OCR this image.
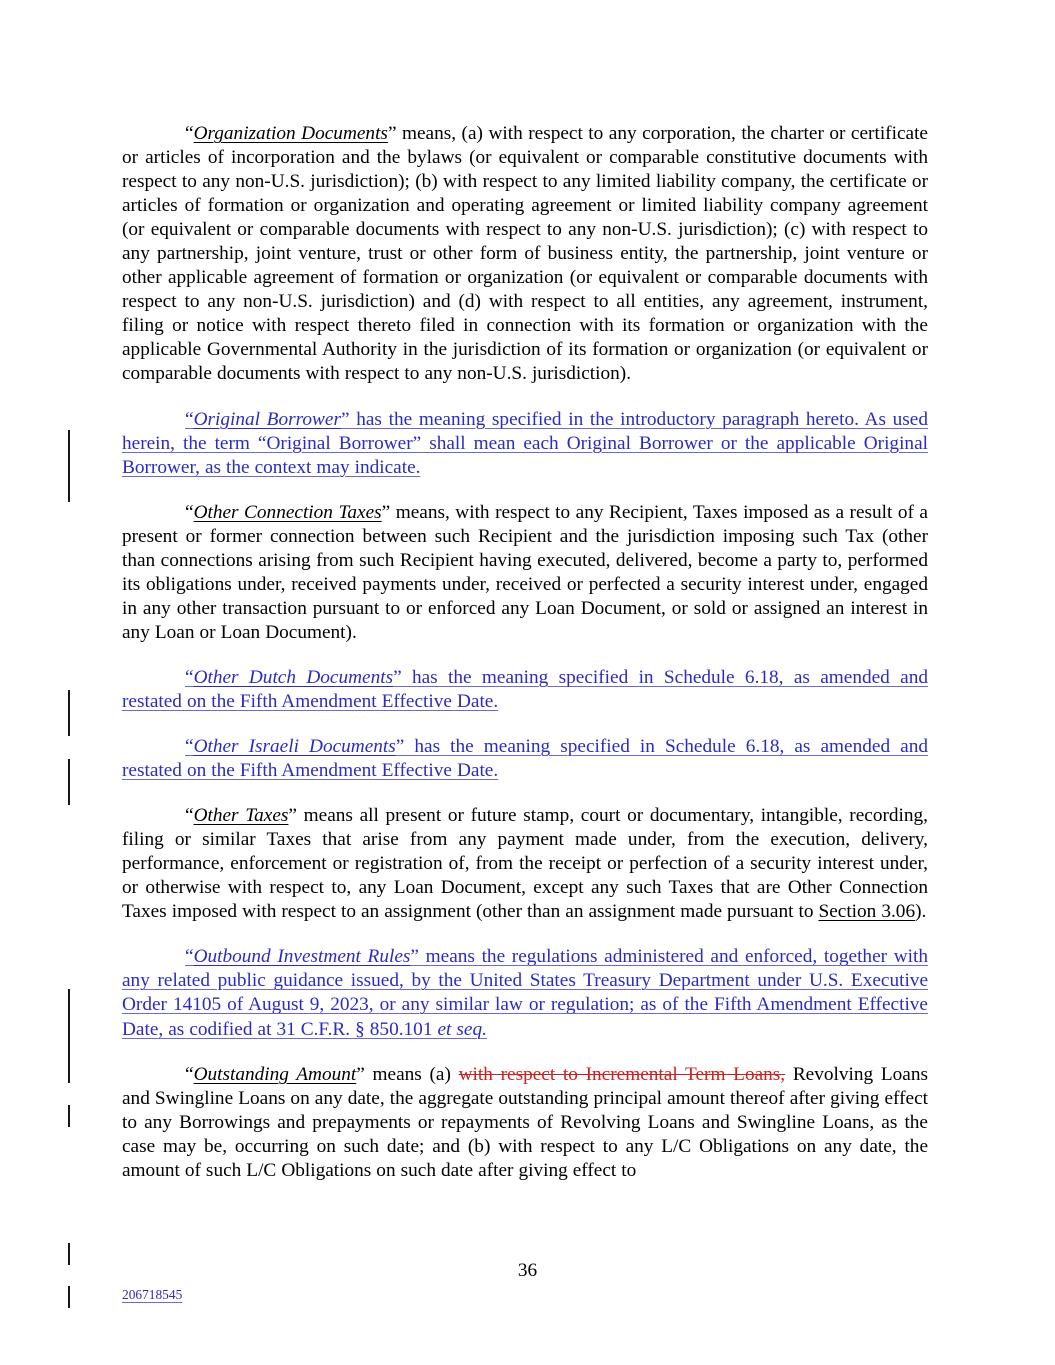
“Organization Documents” means, (a) with respect to any corporation, the charter or certificate or articles of incorporation and the bylaws (or equivalent or comparable constitutive documents with respect to any non-U.S. jurisdiction); (b) with respect to any limited liability company, the certificate or articles of formation or organization and operating agreement or limited liability company agreement (or equivalent or comparable documents with respect to any non-U.S. jurisdiction); (c) with respect to any partnership, joint venture, trust or other form of business entity, the partnership, joint venture or other applicable agreement of formation or organization (or equivalent or comparable documents with respect to any non-U.S. jurisdiction) and (d) with respect to all entities, any agreement, instrument, filing or notice with respect thereto filed in connection with its formation or organization with the applicable Governmental Authority in the jurisdiction of its formation or organization (or equivalent or comparable documents with respect to any non-U.S. jurisdiction).

“Original Borrower” has the meaning specified in the introductory paragraph hereto. As used herein, the term “Original Borrower” shall mean each Original Borrower or the applicable Original Borrower, as the context may indicate.

“Other Connection Taxes” means, with respect to any Recipient, Taxes imposed as a result of a present or former connection between such Recipient and the jurisdiction imposing such Tax (other than connections arising from such Recipient having executed, delivered, become a party to, performed its obligations under, received payments under, received or perfected a security interest under, engaged in any other transaction pursuant to or enforced any Loan Document, or sold or assigned an interest in any Loan or Loan Document).

“Other Dutch Documents” has the meaning specified in Schedule 6.18, as amended and restated on the Fifth Amendment Effective Date.

“Other Israeli Documents” has the meaning specified in Schedule 6.18, as amended and restated on the Fifth Amendment Effective Date.

“Other Taxes” means all present or future stamp, court or documentary, intangible, recording, filing or similar Taxes that arise from any payment made under, from the execution, delivery, performance, enforcement or registration of, from the receipt or perfection of a security interest under, or otherwise with respect to, any Loan Document, except any such Taxes that are Other Connection Taxes imposed with respect to an assignment (other than an assignment made pursuant to Section 3.06).

“Outbound Investment Rules” means the regulations administered and enforced, together with any related public guidance issued, by the United States Treasury Department under U.S. Executive Order 14105 of August 9, 2023, or any similar law or regulation; as of the Fifth Amendment Effective Date, as codified at 31 C.F.R. § 850.101 et seq.

“Outstanding Amount” means (a) with respect to Incremental Term Loans, Revolving Loans and Swingline Loans on any date, the aggregate outstanding principal amount thereof after giving effect to any Borrowings and prepayments or repayments of Revolving Loans and Swingline Loans, as the case may be, occurring on such date; and (b) with respect to any L/C Obligations on any date, the amount of such L/C Obligations on such date after giving effect to

36
206718545
